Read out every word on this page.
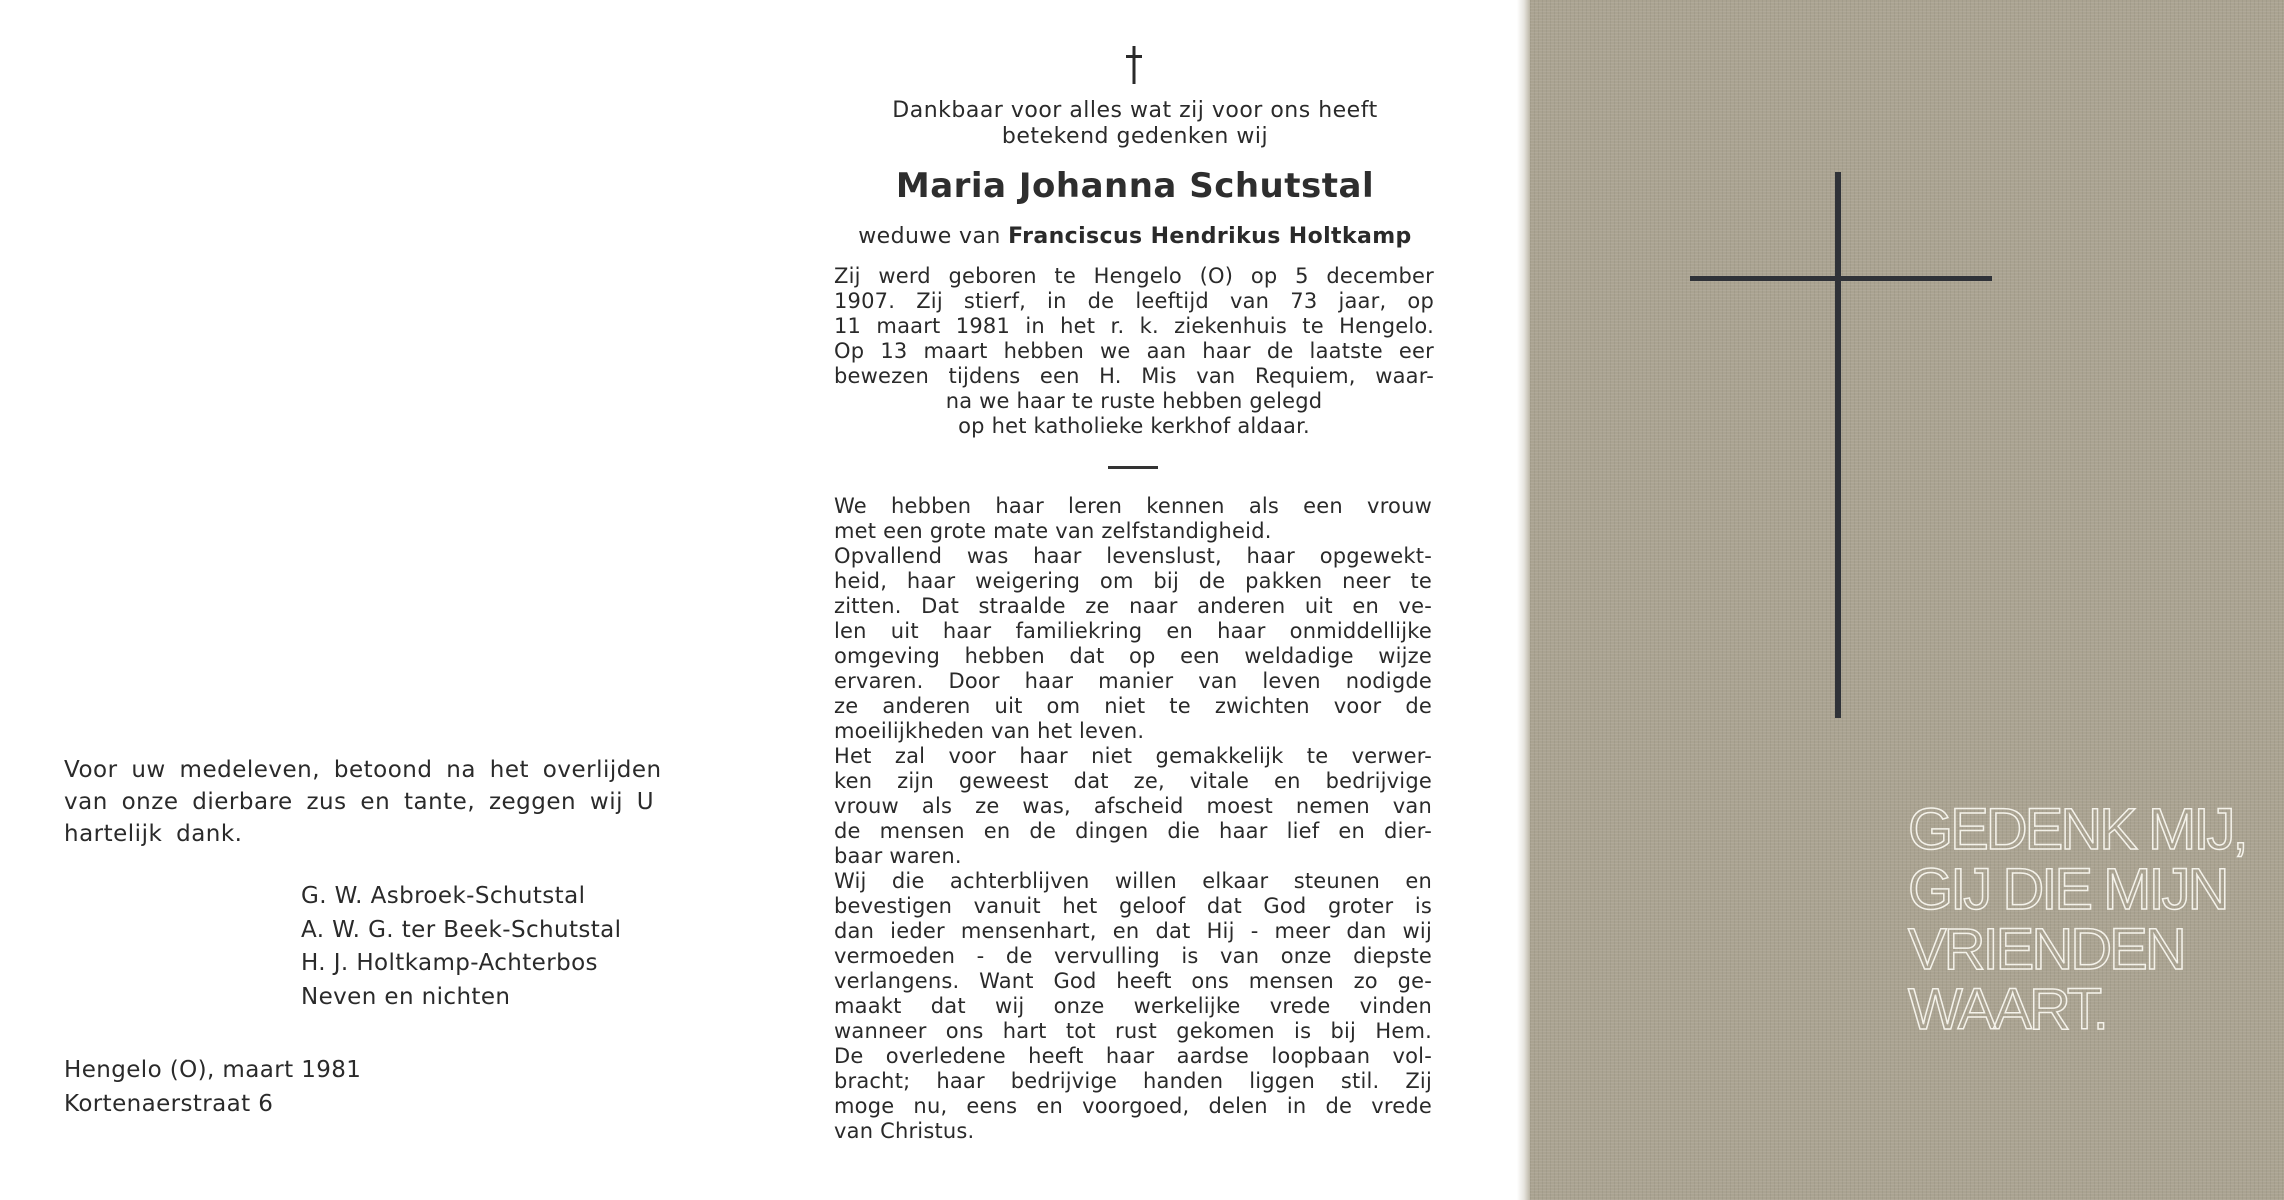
Voor uw medeleven, betoond na het overlijden
van onze dierbare zus en tante, zeggen wij U
hartelijk dank.
G. W. Asbroek-Schutstal
A. W. G. ter Beek-Schutstal
H. J. Holtkamp-Achterbos
Neven en nichten
Hengelo (O), maart 1981
Kortenaerstraat 6
Dankbaar voor alles wat zij voor ons heeft
betekend gedenken wij
Maria Johanna Schutstal
weduwe van Franciscus Hendrikus Holtkamp
Zij werd geboren te Hengelo (O) op 5 december
1907. Zij stierf, in de leeftijd van 73 jaar, op
11 maart 1981 in het r. k. ziekenhuis te Hengelo.
Op 13 maart hebben we aan haar de laatste eer
bewezen tijdens een H. Mis van Requiem, waar-
na we haar te ruste hebben gelegd
op het katholieke kerkhof aldaar.
We hebben haar leren kennen als een vrouw
met een grote mate van zelfstandigheid.
Opvallend was haar levenslust, haar opgewekt-
heid, haar weigering om bij de pakken neer te
zitten. Dat straalde ze naar anderen uit en ve-
len uit haar familiekring en haar onmiddellijke
omgeving hebben dat op een weldadige wijze
ervaren. Door haar manier van leven nodigde
ze anderen uit om niet te zwichten voor de
moeilijkheden van het leven.
Het zal voor haar niet gemakkelijk te verwer-
ken zijn geweest dat ze, vitale en bedrijvige
vrouw als ze was, afscheid moest nemen van
de mensen en de dingen die haar lief en dier-
baar waren.
Wij die achterblijven willen elkaar steunen en
bevestigen vanuit het geloof dat God groter is
dan ieder mensenhart, en dat Hij - meer dan wij
vermoeden - de vervulling is van onze diepste
verlangens. Want God heeft ons mensen zo ge-
maakt dat wij onze werkelijke vrede vinden
wanneer ons hart tot rust gekomen is bij Hem.
De overledene heeft haar aardse loopbaan vol-
bracht; haar bedrijvige handen liggen stil. Zij
moge nu, eens en voorgoed, delen in de vrede
van Christus.
GEDENK MIJ,
GIJ DIE MIJN
VRIENDEN
WAART.
